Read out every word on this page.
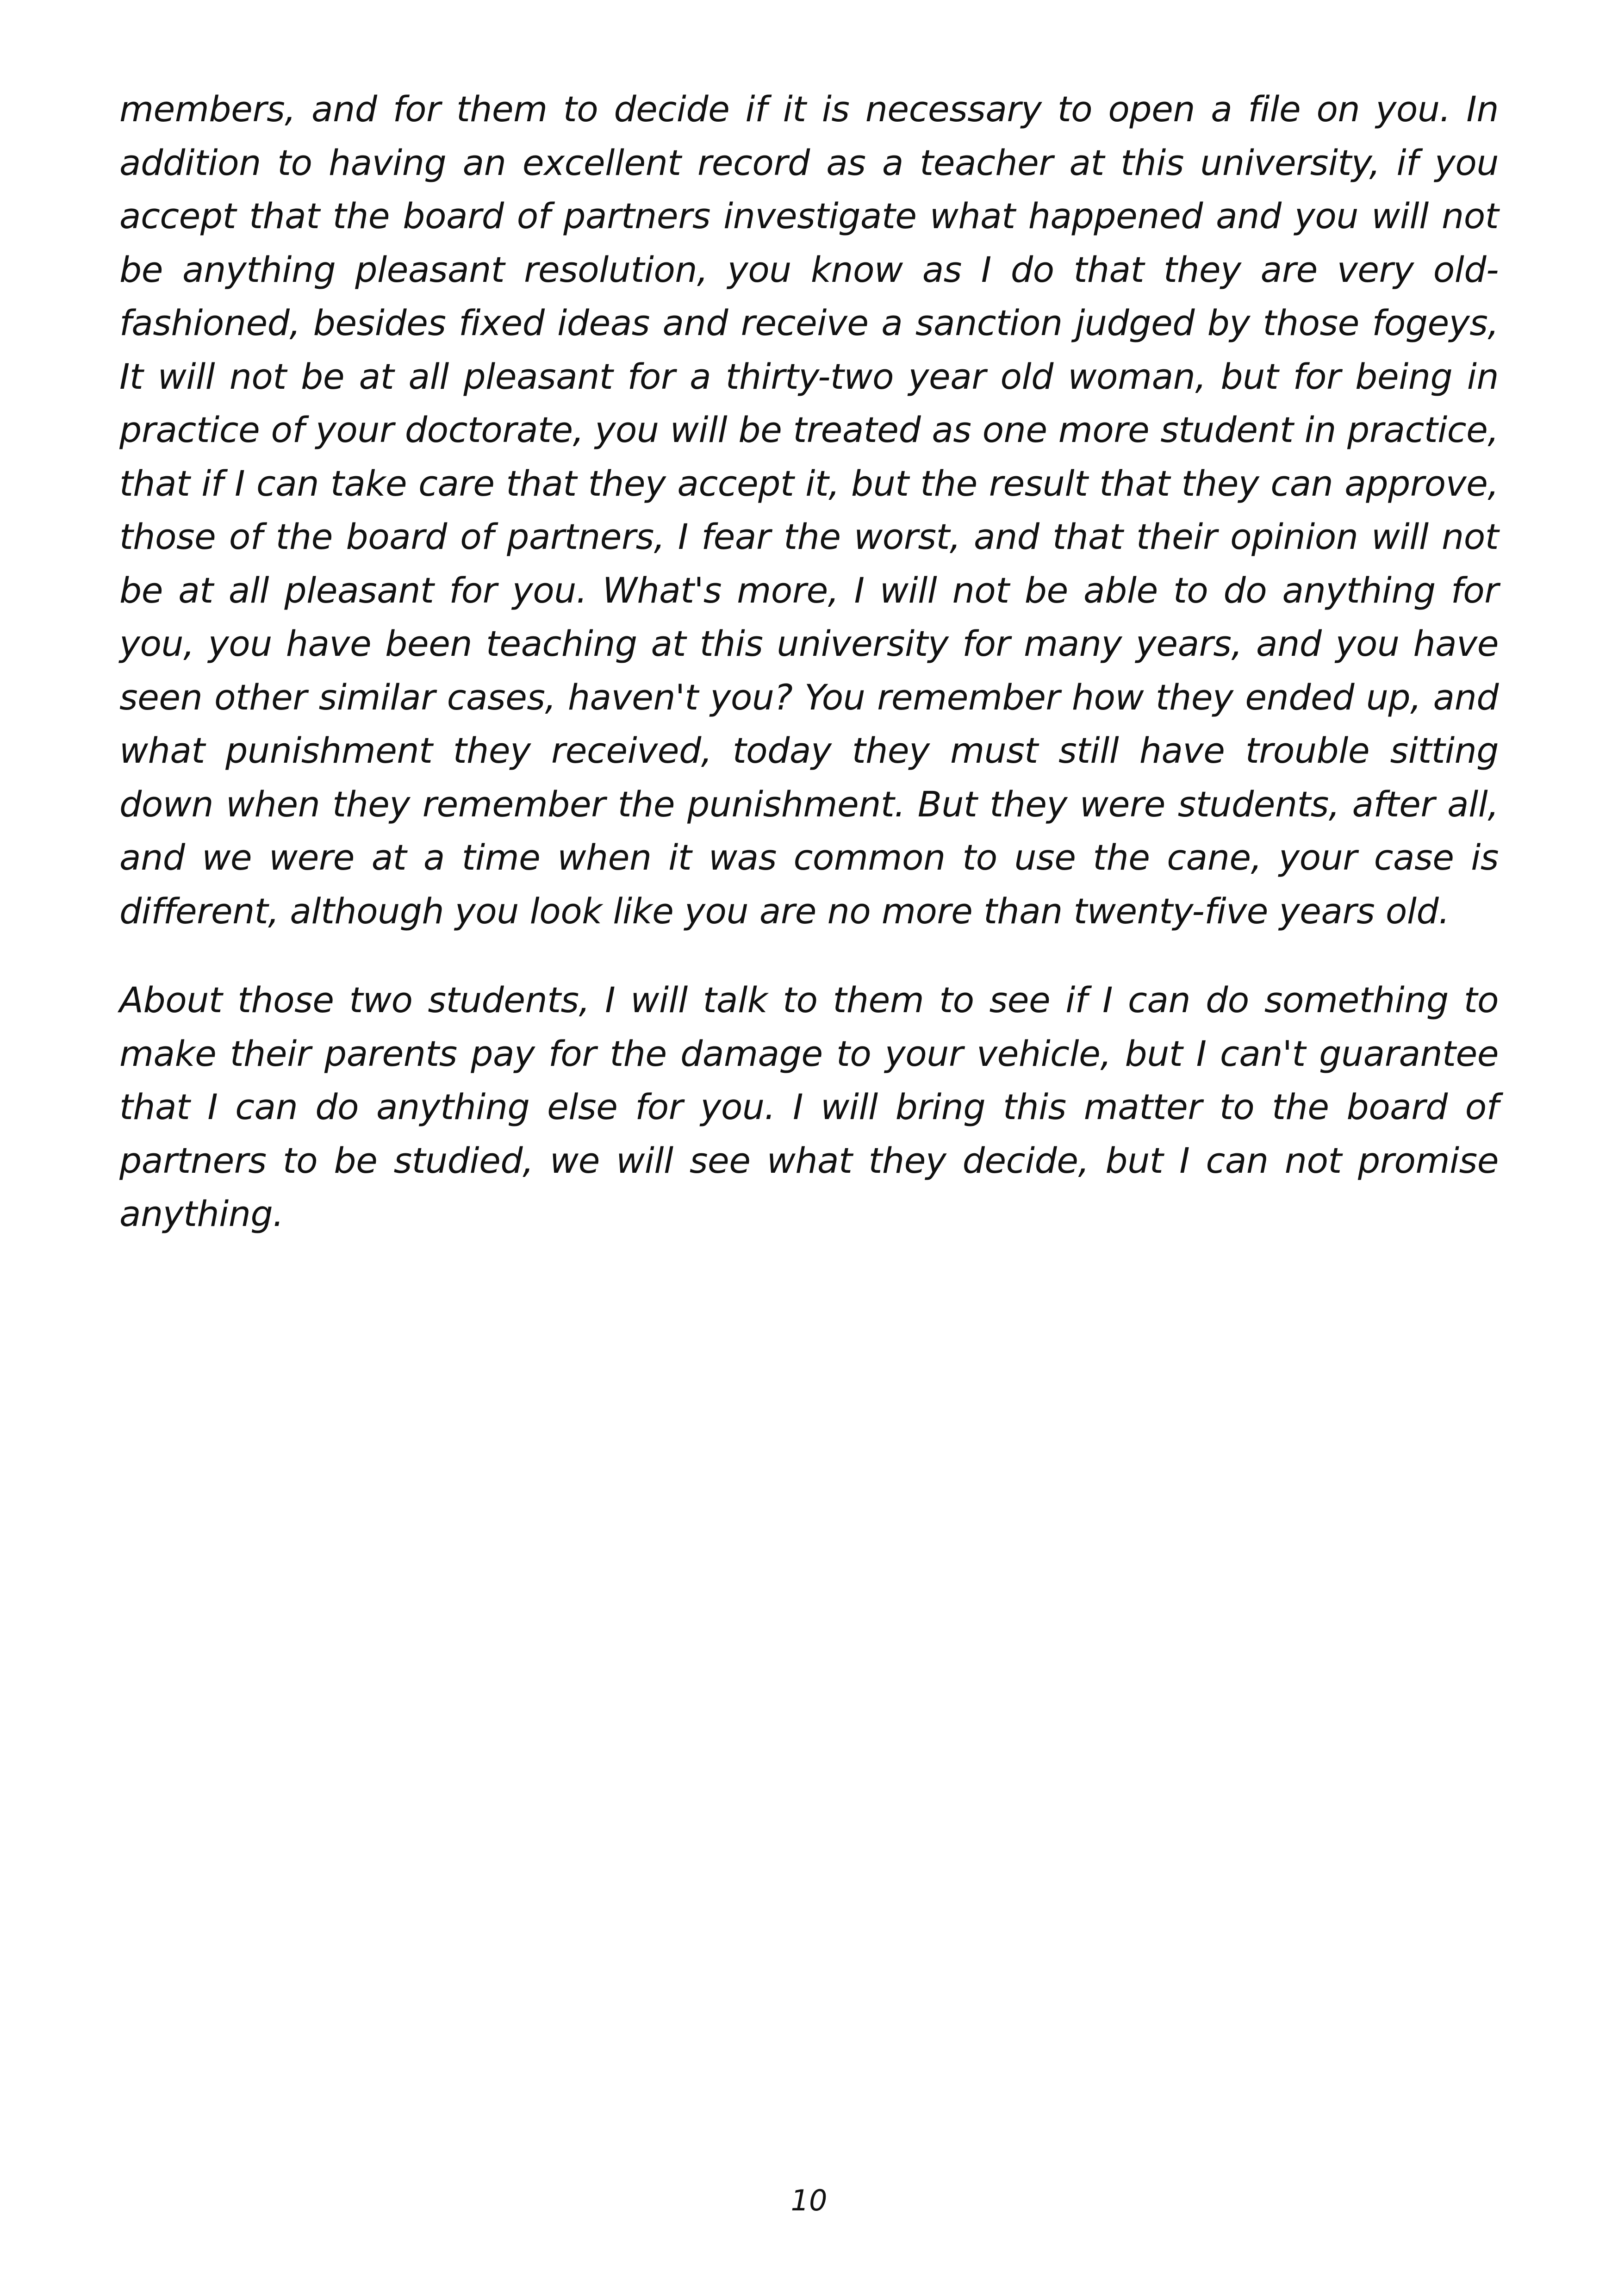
members, and for them to decide if it is necessary to open a file on you. In addition to having an excellent record as a teacher at this university, if you accept that the board of partners investigate what happened and you will not be anything pleasant resolution, you know as I do that they are very old-fashioned, besides fixed ideas and receive a sanction judged by those fogeys, It will not be at all pleasant for a thirty-two year old woman, but for being in practice of your doctorate, you will be treated as one more student in practice, that if I can take care that they accept it, but the result that they can approve, those of the board of partners, I fear the worst, and that their opinion will not be at all pleasant for you. What's more, I will not be able to do anything for you, you have been teaching at this university for many years, and you have seen other similar cases, haven't you? You remember how they ended up, and what punishment they received, today they must still have trouble sitting down when they remember the punishment. But they were students, after all, and we were at a time when it was common to use the cane, your case is different, although you look like you are no more than twenty-five years old.

About those two students, I will talk to them to see if I can do something to make their parents pay for the damage to your vehicle, but I can't guarantee that I can do anything else for you. I will bring this matter to the board of partners to be studied, we will see what they decide, but I can not promise anything.

10
